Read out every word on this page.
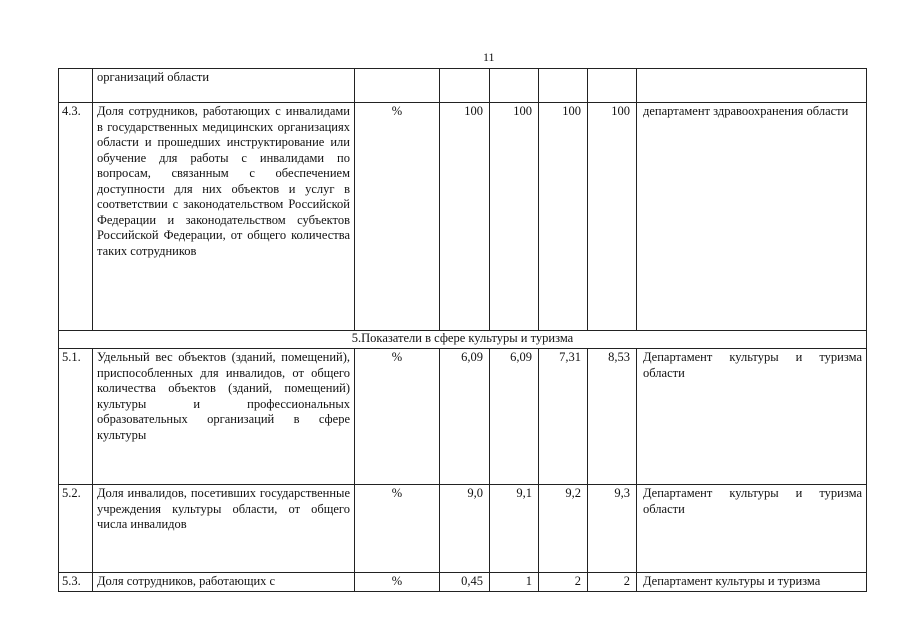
11
	организаций области						
4.3.	Доля сотрудников, работающих с инвалидами в государственных медицинских организациях области и прошедших инструктирование или обучение для работы с инвалидами по вопросам, связанным с обеспечением доступности для них объектов и услуг в соответствии с законодательством Российской Федерации и законодательством субъектов Российской Федерации, от общего количества таких сотрудников	%	100	100	100	100	департамент здравоохранения области
5.Показатели в сфере культуры и туризма							
5.1.	Удельный вес объектов (зданий, помещений), приспособленных для инвалидов, от общего количества объектов (зданий, помещений) культуры и профессиональных образовательных организаций в сфере культуры	%	6,09	6,09	7,31	8,53	Департамент культуры и туризма области
5.2.	Доля инвалидов, посетивших государственные учреждения культуры области, от общего числа инвалидов	%	9,0	9,1	9,2	9,3	Департамент культуры и туризма области
5.3.	Доля сотрудников, работающих с	%	0,45	1	2	2	Департамент культуры и туризма
